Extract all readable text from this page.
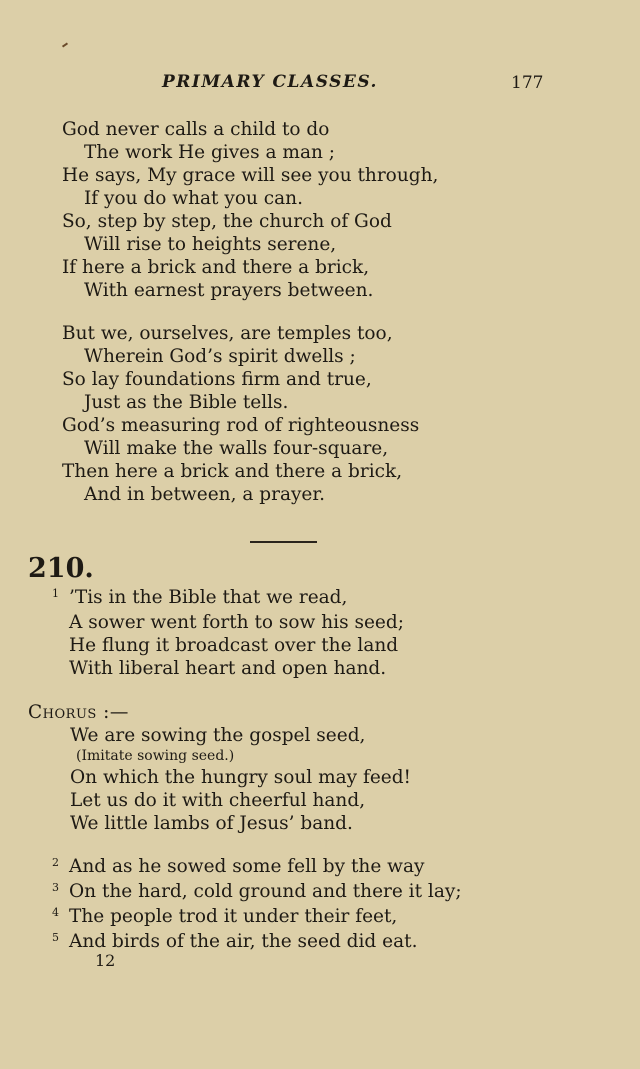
PRIMARY CLASSES.	177
God never calls a child to do
The work He gives a man ;
He says, My grace will see you through,
If you do what you can.
So, step by step, the church of God
Will rise to heights serene,
If here a brick and there a brick,
With earnest prayers between.
But we, ourselves, are temples too,
Wherein God’s spirit dwells ;
So lay foundations firm and true,
Just as the Bible tells.
God’s measuring rod of righteousness
Will make the walls four-square,
Then here a brick and there a brick,
And in between, a prayer.
210.
1 ’Tis in the Bible that we read,
A sower went forth to sow his seed;
He flung it broadcast over the land
With liberal heart and open hand.
Chorus :—
We are sowing the gospel seed,
(Imitate sowing seed.)
On which the hungry soul may feed!
Let us do it with cheerful hand,
We little lambs of Jesus’ band.
2 And as he sowed some fell by the way
3 On the hard, cold ground and there it lay;
4 The people trod it under their feet,
5 And birds of the air, the seed did eat.
12
